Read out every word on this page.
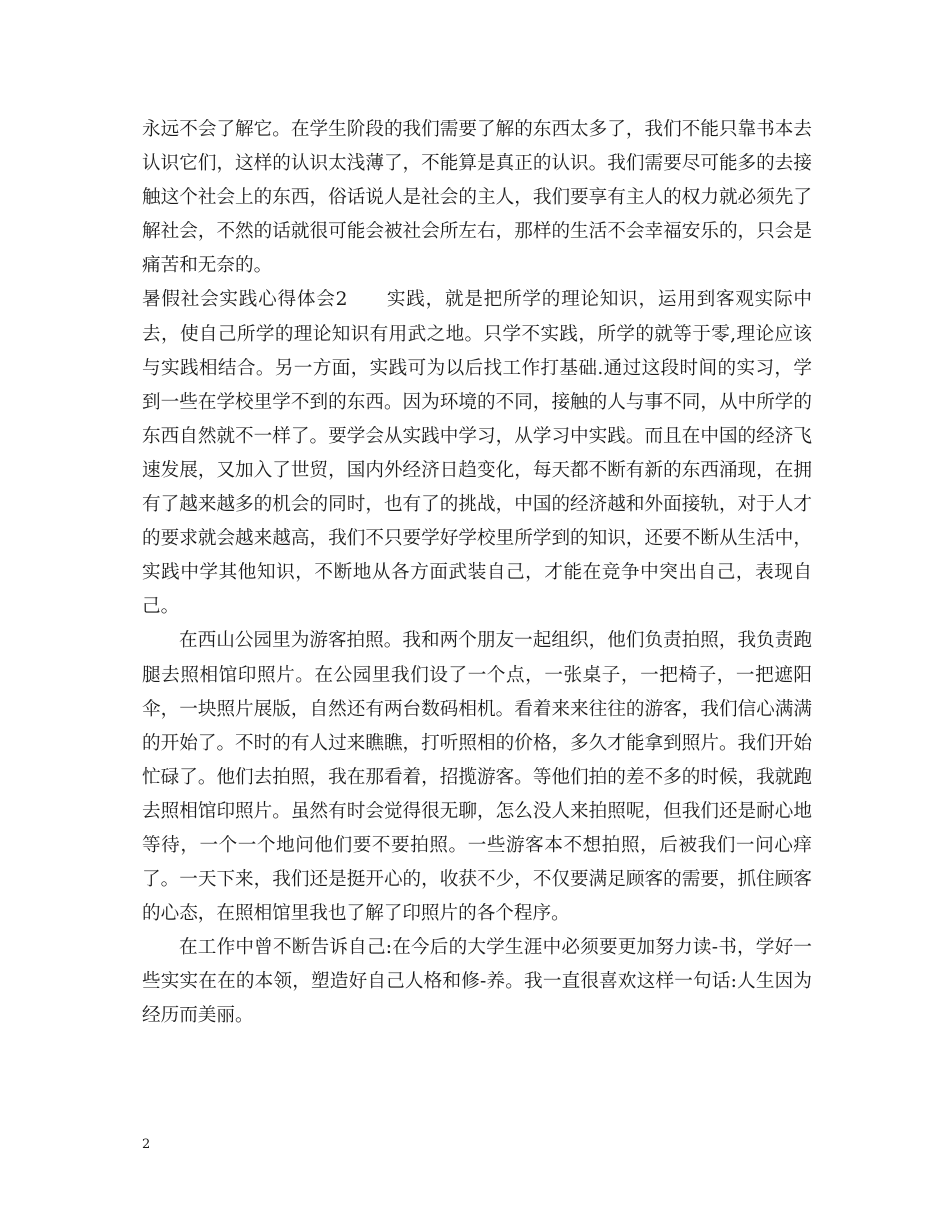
永远不会了解它。在学生阶段的我们需要了解的东西太多了，我们不能只靠书本去认识它们，这样的认识太浅薄了，不能算是真正的认识。我们需要尽可能多的去接触这个社会上的东西，俗话说人是社会的主人，我们要享有主人的权力就必须先了解社会，不然的话就很可能会被社会所左右，那样的生活不会幸福安乐的，只会是痛苦和无奈的。

暑假社会实践心得体会2　　实践，就是把所学的理论知识，运用到客观实际中去，使自己所学的理论知识有用武之地。只学不实践，所学的就等于零,理论应该与实践相结合。另一方面，实践可为以后找工作打基础.通过这段时间的实习，学到一些在学校里学不到的东西。因为环境的不同，接触的人与事不同，从中所学的东西自然就不一样了。要学会从实践中学习，从学习中实践。而且在中国的经济飞速发展，又加入了世贸，国内外经济日趋变化，每天都不断有新的东西涌现，在拥有了越来越多的机会的同时，也有了的挑战，中国的经济越和外面接轨，对于人才的要求就会越来越高，我们不只要学好学校里所学到的知识，还要不断从生活中，实践中学其他知识，不断地从各方面武装自己，才能在竞争中突出自己，表现自己。

在西山公园里为游客拍照。我和两个朋友一起组织，他们负责拍照，我负责跑腿去照相馆印照片。在公园里我们设了一个点，一张桌子，一把椅子，一把遮阳伞，一块照片展版，自然还有两台数码相机。看着来来往往的游客，我们信心满满的开始了。不时的有人过来瞧瞧，打听照相的价格，多久才能拿到照片。我们开始忙碌了。他们去拍照，我在那看着，招揽游客。等他们拍的差不多的时候，我就跑去照相馆印照片。虽然有时会觉得很无聊，怎么没人来拍照呢，但我们还是耐心地等待，一个一个地问他们要不要拍照。一些游客本不想拍照，后被我们一问心痒了。一天下来，我们还是挺开心的，收获不少，不仅要满足顾客的需要，抓住顾客的心态，在照相馆里我也了解了印照片的各个程序。

在工作中曾不断告诉自己:在今后的大学生涯中必须要更加努力读-书，学好一些实实在在的本领，塑造好自己人格和修-养。我一直很喜欢这样一句话:人生因为经历而美丽。

2
